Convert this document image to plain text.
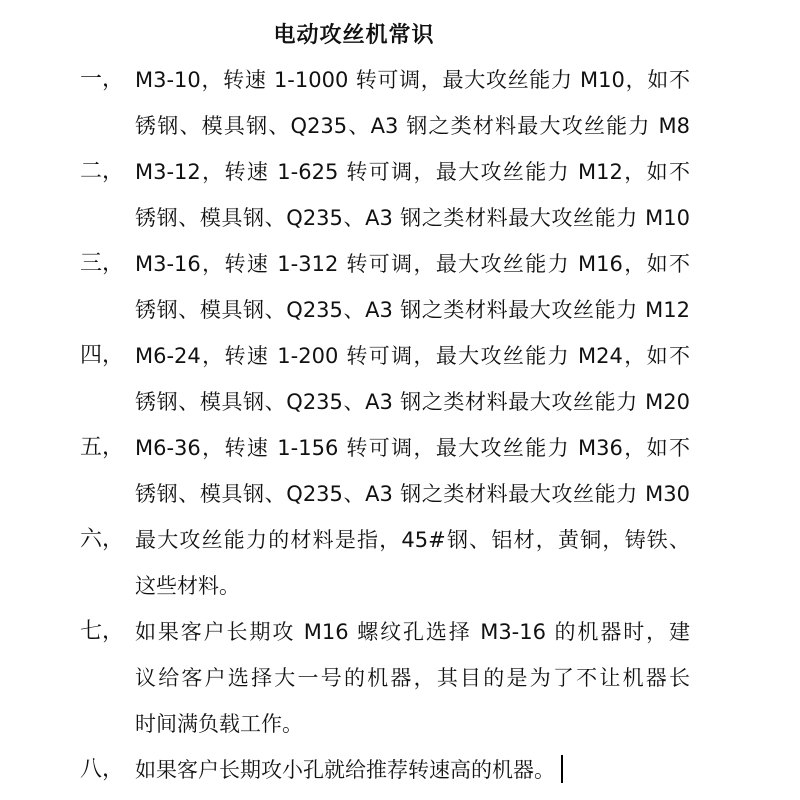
电动攻丝机常识
一， M3-10，转速 1-1000 转可调，最大攻丝能力 M10，如不
锈钢、模具钢、Q235、A3 钢之类材料最大攻丝能力 M8
二， M3-12，转速 1-625 转可调，最大攻丝能力 M12，如不
锈钢、模具钢、Q235、A3 钢之类材料最大攻丝能力 M10
三， M3-16，转速 1-312 转可调，最大攻丝能力 M16，如不
锈钢、模具钢、Q235、A3 钢之类材料最大攻丝能力 M12
四， M6-24，转速 1-200 转可调，最大攻丝能力 M24，如不
锈钢、模具钢、Q235、A3 钢之类材料最大攻丝能力 M20
五， M6-36，转速 1-156 转可调，最大攻丝能力 M36，如不
锈钢、模具钢、Q235、A3 钢之类材料最大攻丝能力 M30
六， 最大攻丝能力的材料是指，45#钢、铝材，黄铜，铸铁、
这些材料。
七， 如果客户长期攻 M16 螺纹孔选择 M3-16 的机器时，建
议给客户选择大一号的机器，其目的是为了不让机器长
时间满负载工作。
八， 如果客户长期攻小孔就给推荐转速高的机器。
